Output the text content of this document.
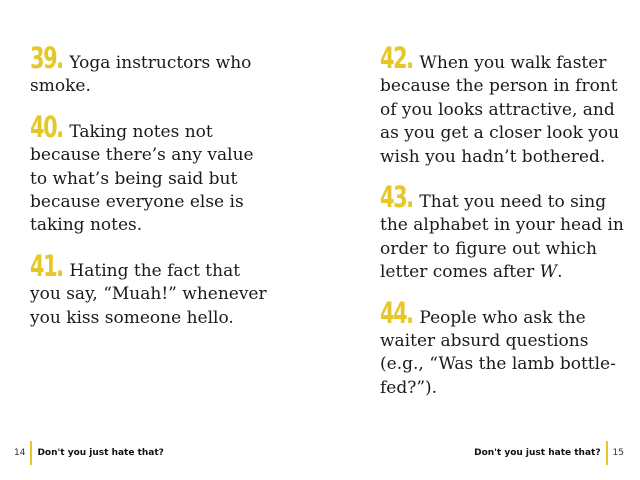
39. Yoga instructors who smoke.
40. Taking notes not because there’s any value to what’s being said but because everyone else is taking notes.
41. Hating the fact that you say, “Muah!” whenever you kiss someone hello.
14 Don't you just hate that?
42. When you walk faster because the person in front of you looks attractive, and as you get a closer look you wish you hadn’t bothered.
43. That you need to sing the alphabet in your head in order to figure out which letter comes after W.
44. People who ask the waiter absurd questions (e.g., “Was the lamb bottle-fed?”).
Don't you just hate that? 15
